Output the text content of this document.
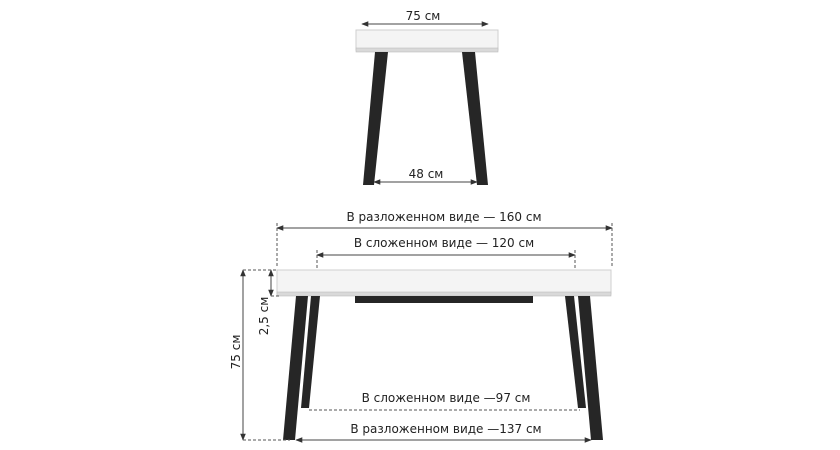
75 см
48 см
В разложенном виде — 160 см
В сложенном виде — 120 см
75 см
2,5 см
В сложенном виде —97 см
В разложенном виде —137 см
